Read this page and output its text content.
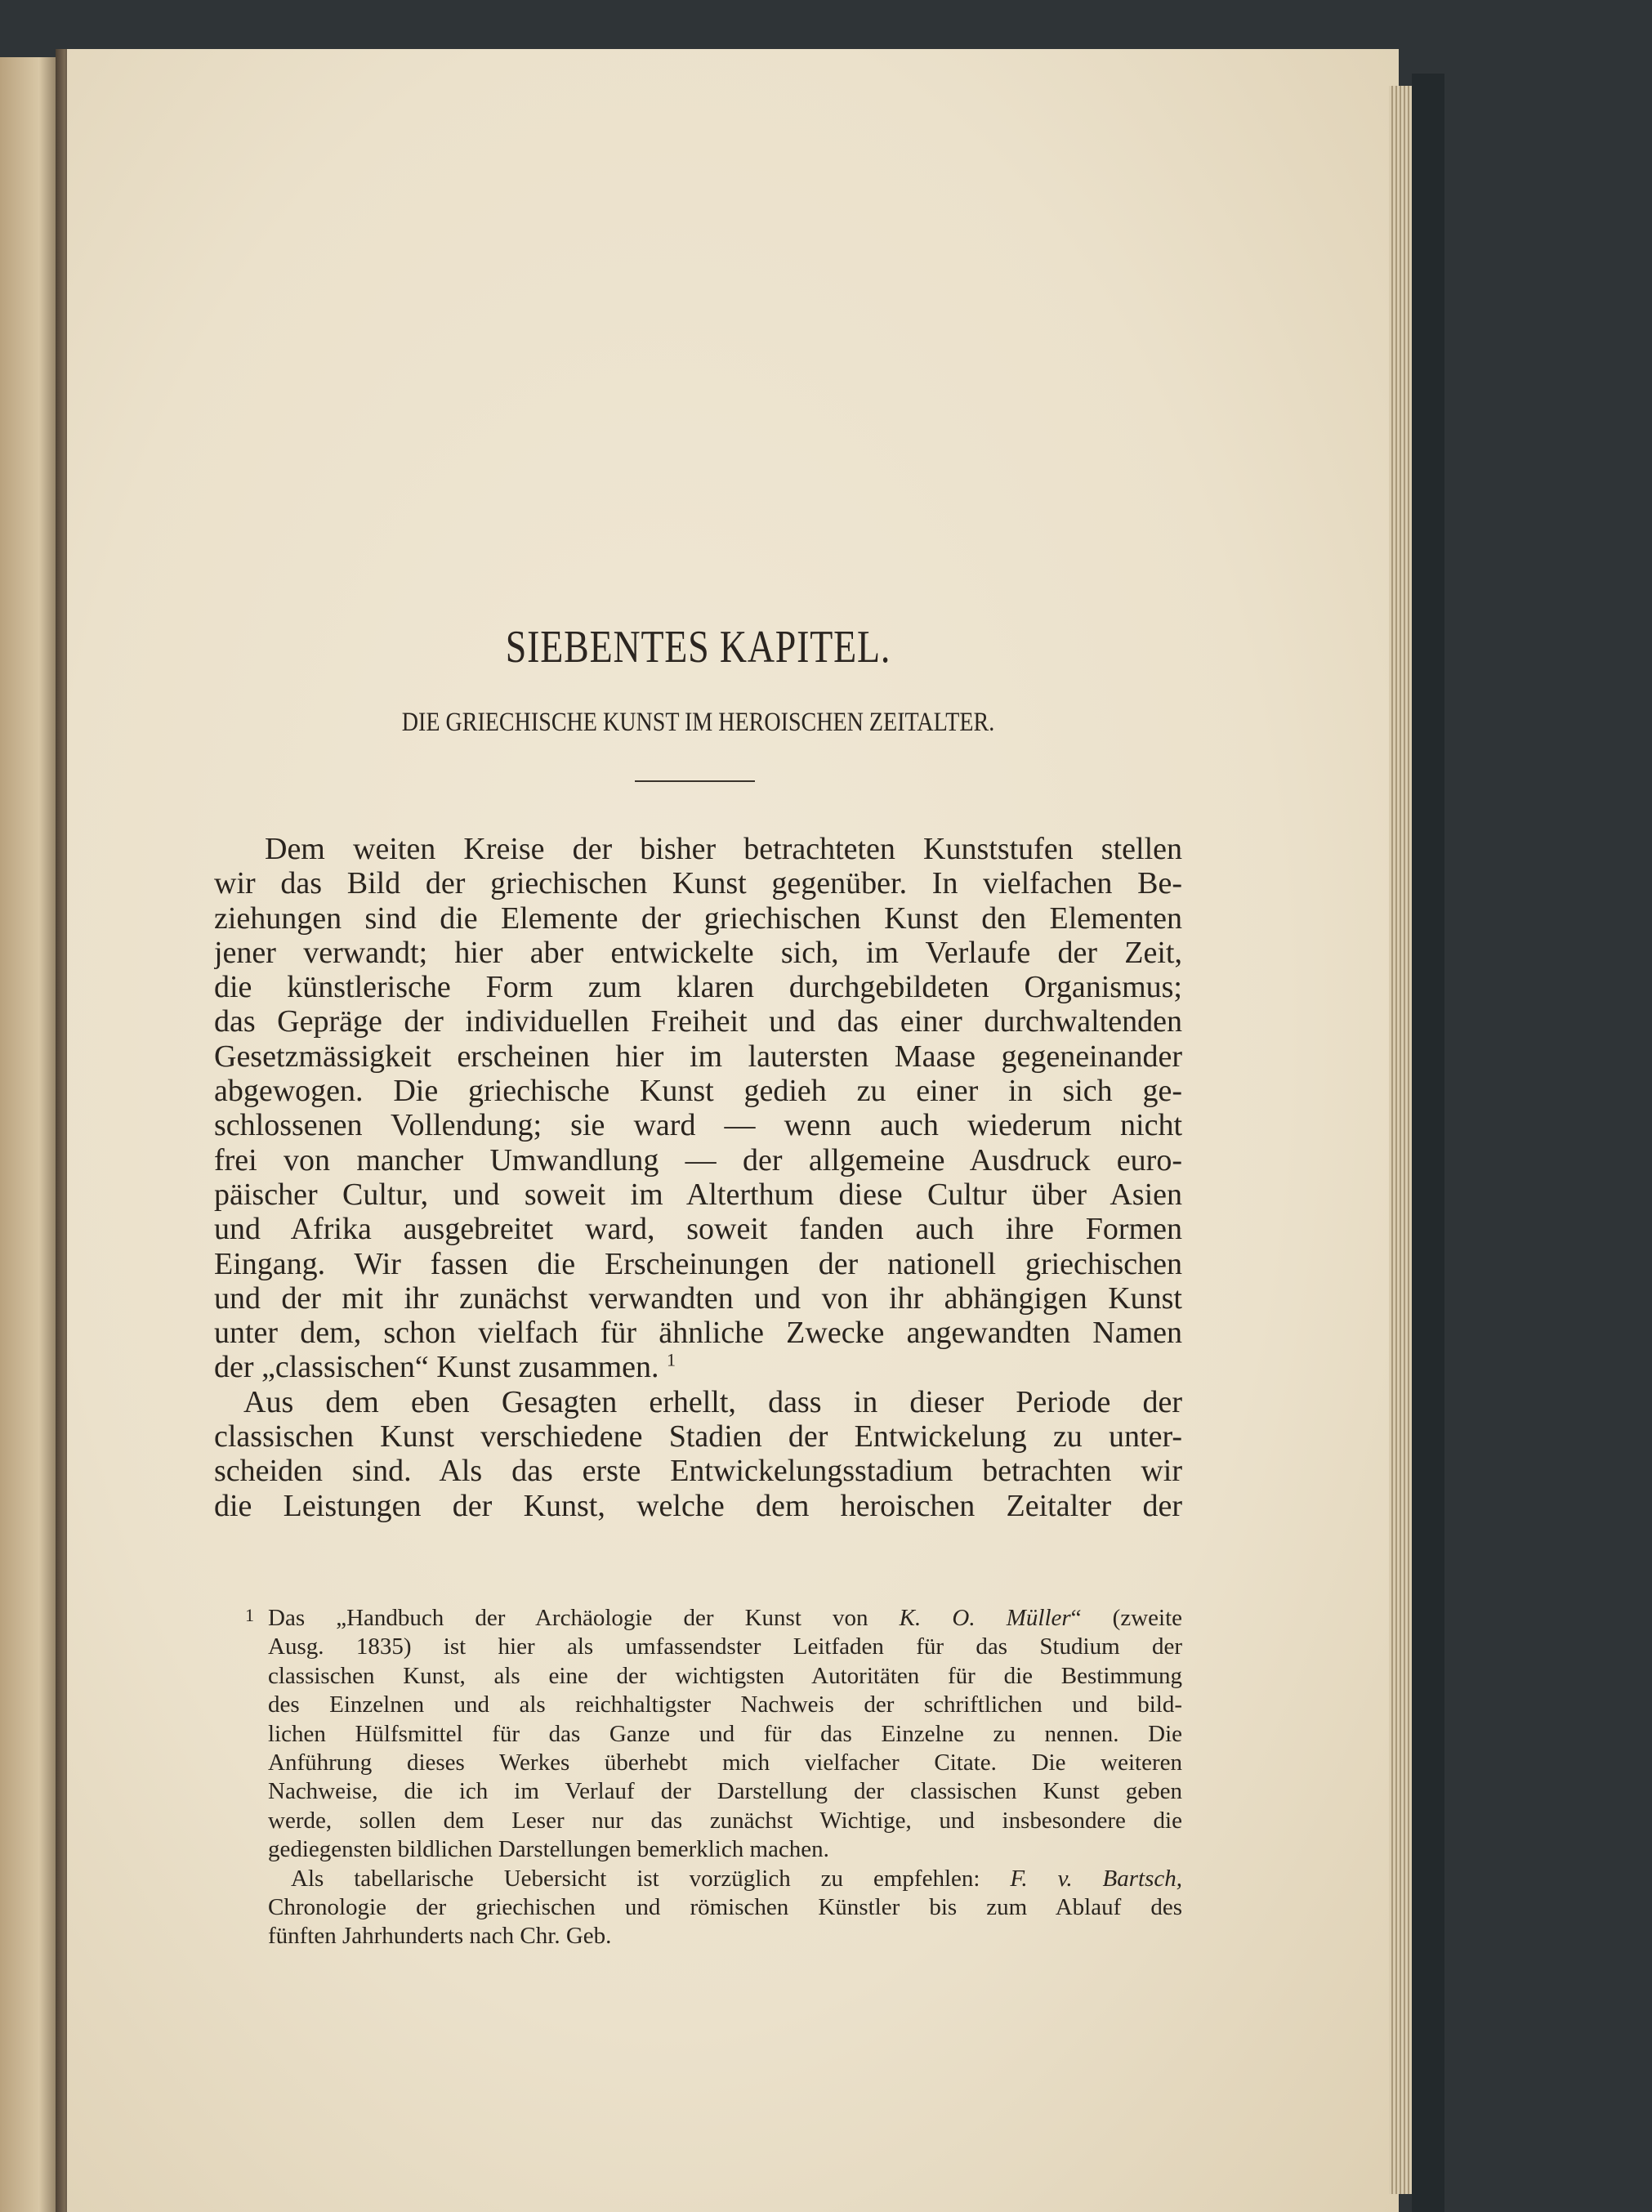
SIEBENTES KAPITEL.
DIE GRIECHISCHE KUNST IM HEROISCHEN ZEITALTER.
Dem weiten Kreise der bisher betrachteten Kunststufen stellen
wir das Bild der griechischen Kunst gegenüber. In vielfachen Be-
ziehungen sind die Elemente der griechischen Kunst den Elementen
jener verwandt; hier aber entwickelte sich, im Verlaufe der Zeit,
die künstlerische Form zum klaren durchgebildeten Organismus;
das Gepräge der individuellen Freiheit und das einer durchwaltenden
Gesetzmässigkeit erscheinen hier im lautersten Maase gegeneinander
abgewogen. Die griechische Kunst gedieh zu einer in sich ge-
schlossenen Vollendung; sie ward — wenn auch wiederum nicht
frei von mancher Umwandlung — der allgemeine Ausdruck euro-
päischer Cultur, und soweit im Alterthum diese Cultur über Asien
und Afrika ausgebreitet ward, soweit fanden auch ihre Formen
Eingang. Wir fassen die Erscheinungen der nationell griechischen
und der mit ihr zunächst verwandten und von ihr abhängigen Kunst
unter dem, schon vielfach für ähnliche Zwecke angewandten Namen
der „classischen“ Kunst zusammen. $^1$
Aus dem eben Gesagten erhellt, dass in dieser Periode der
classischen Kunst verschiedene Stadien der Entwickelung zu unter-
scheiden sind. Als das erste Entwickelungsstadium betrachten wir
die Leistungen der Kunst, welche dem heroischen Zeitalter der
1 Das „Handbuch der Archäologie der Kunst von K. O. Müller“ (zweite
Ausg. 1835) ist hier als umfassendster Leitfaden für das Studium der
classischen Kunst, als eine der wichtigsten Autoritäten für die Bestimmung
des Einzelnen und als reichhaltigster Nachweis der schriftlichen und bild-
lichen Hülfsmittel für das Ganze und für das Einzelne zu nennen. Die
Anführung dieses Werkes überhebt mich vielfacher Citate. Die weiteren
Nachweise, die ich im Verlauf der Darstellung der classischen Kunst geben
werde, sollen dem Leser nur das zunächst Wichtige, und insbesondere die
gediegensten bildlichen Darstellungen bemerklich machen.
Als tabellarische Uebersicht ist vorzüglich zu empfehlen: F. v. Bartsch,
Chronologie der griechischen und römischen Künstler bis zum Ablauf des
fünften Jahrhunderts nach Chr. Geb.
